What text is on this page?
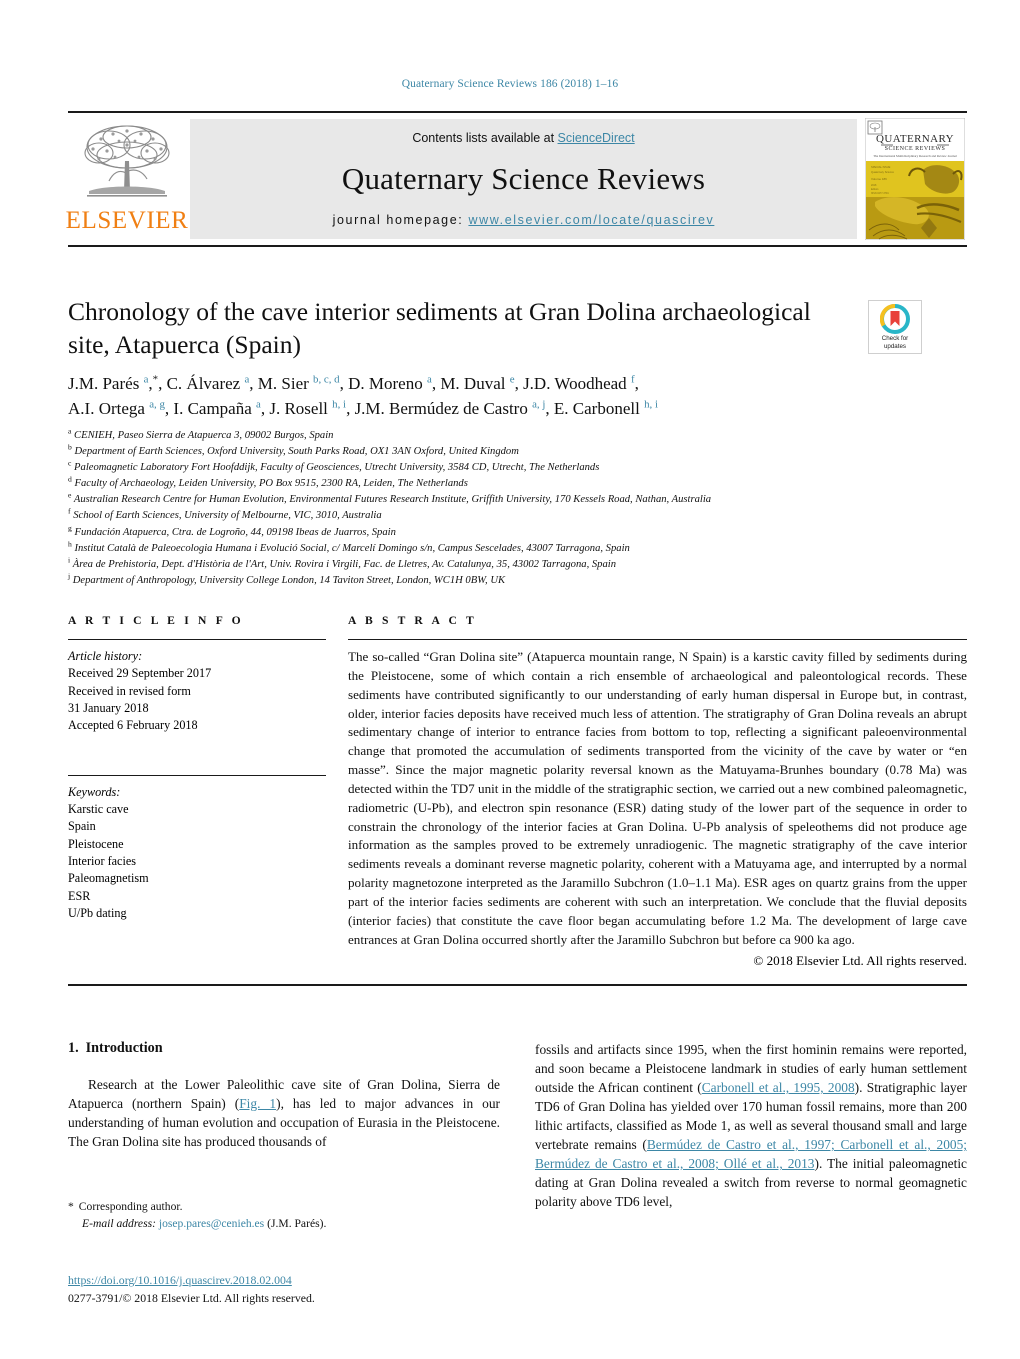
Quaternary Science Reviews 186 (2018) 1–16
ELSEVIER
Contents lists available at ScienceDirect
Quaternary Science Reviews
journal homepage: www.elsevier.com/locate/quascirev
QUATERNARY
SCIENCE REVIEWS
The International Multidisciplinary Research and Review Journal
SPECIAL ISSUE
Quaternary Science
Volume 186
2018
Editors
ISSN 0277-3791
Chronology of the cave interior sediments at Gran Dolina archaeological site, Atapuerca (Spain)	Check for
updates
J.M. Parés $^a$,*, C. Álvarez $^a$, M. Sier $^{b, c, d}$, D. Moreno $^a$, M. Duval $^e$, J.D. Woodhead $^f$,
A.I. Ortega $^{a, g}$, I. Campaña $^a$, J. Rosell $^{h, i}$, J.M. Bermúdez de Castro $^{a, j}$, E. Carbonell $^{h, i}$
$^a$ CENIEH, Paseo Sierra de Atapuerca 3, 09002 Burgos, Spain
$^b$ Department of Earth Sciences, Oxford University, South Parks Road, OX1 3AN Oxford, United Kingdom
$^c$ Paleomagnetic Laboratory Fort Hoofddijk, Faculty of Geosciences, Utrecht University, 3584 CD, Utrecht, The Netherlands
$^d$ Faculty of Archaeology, Leiden University, PO Box 9515, 2300 RA, Leiden, The Netherlands
$^e$ Australian Research Centre for Human Evolution, Environmental Futures Research Institute, Griffith University, 170 Kessels Road, Nathan, Australia
$^f$ School of Earth Sciences, University of Melbourne, VIC, 3010, Australia
$^g$ Fundación Atapuerca, Ctra. de Logroño, 44, 09198 Ibeas de Juarros, Spain
$^h$ Institut Català de Paleoecologia Humana i Evolució Social, c/ Marcelí Domingo s/n, Campus Sescelades, 43007 Tarragona, Spain
$^i$ Àrea de Prehistoria, Dept. d'Història de l'Art, Univ. Rovira i Virgili, Fac. de Lletres, Av. Catalunya, 35, 43002 Tarragona, Spain
$^j$ Department of Anthropology, University College London, 14 Taviton Street, London, WC1H 0BW, UK
A R T I C L E I N F O
Article history:
Received 29 September 2017
Received in revised form
31 January 2018
Accepted 6 February 2018
Keywords:
Karstic cave
Spain
Pleistocene
Interior facies
Paleomagnetism
ESR
U/Pb dating
A B S T R A C T

The so-called “Gran Dolina site” (Atapuerca mountain range, N Spain) is a karstic cavity filled by sediments during the Pleistocene, some of which contain a rich ensemble of archaeological and paleontological records. These sediments have contributed significantly to our understanding of early human dispersal in Europe but, in contrast, older, interior facies deposits have received much less of attention. The stratigraphy of Gran Dolina reveals an abrupt sedimentary change of interior to entrance facies from bottom to top, reflecting a significant paleoenvironmental change that promoted the accumulation of sediments transported from the vicinity of the cave by water or “en masse”. Since the major magnetic polarity reversal known as the Matuyama-Brunhes boundary (0.78 Ma) was detected within the TD7 unit in the middle of the stratigraphic section, we carried out a new combined paleomagnetic, radiometric (U-Pb), and electron spin resonance (ESR) dating study of the lower part of the sequence in order to constrain the chronology of the interior facies at Gran Dolina. U-Pb analysis of speleothems did not produce age information as the samples proved to be extremely unradiogenic. The magnetic stratigraphy of the cave interior sediments reveals a dominant reverse magnetic polarity, coherent with a Matuyama age, and interrupted by a normal polarity magnetozone interpreted as the Jaramillo Subchron (1.0–1.1 Ma). ESR ages on quartz grains from the upper part of the interior facies sediments are coherent with such an interpretation. We conclude that the fluvial deposits (interior facies) that constitute the cave floor began accumulating before 1.2 Ma. The development of large cave entrances at Gran Dolina occurred shortly after the Jaramillo Subchron but before ca 900 ka ago.

© 2018 Elsevier Ltd. All rights reserved.
1. Introduction

Research at the Lower Paleolithic cave site of Gran Dolina, Sierra de Atapuerca (northern Spain) (Fig. 1), has led to major advances in our understanding of human evolution and occupation of Eurasia in the Pleistocene. The Gran Dolina site has produced thousands of

fossils and artifacts since 1995, when the first hominin remains were reported, and soon became a Pleistocene landmark in studies of early human settlement outside the African continent (Carbonell et al., 1995, 2008). Stratigraphic layer TD6 of Gran Dolina has yielded over 170 human fossil remains, more than 200 lithic artifacts, classified as Mode 1, as well as several thousand small and large vertebrate remains (Bermúdez de Castro et al., 1997; Carbonell et al., 2005; Bermúdez de Castro et al., 2008; Ollé et al., 2013). The initial paleomagnetic dating at Gran Dolina revealed a switch from reverse to normal geomagnetic polarity above TD6 level,

* Corresponding author.
E-mail address: josep.pares@cenieh.es (J.M. Parés).
https://doi.org/10.1016/j.quascirev.2018.02.004
0277-3791/© 2018 Elsevier Ltd. All rights reserved.
